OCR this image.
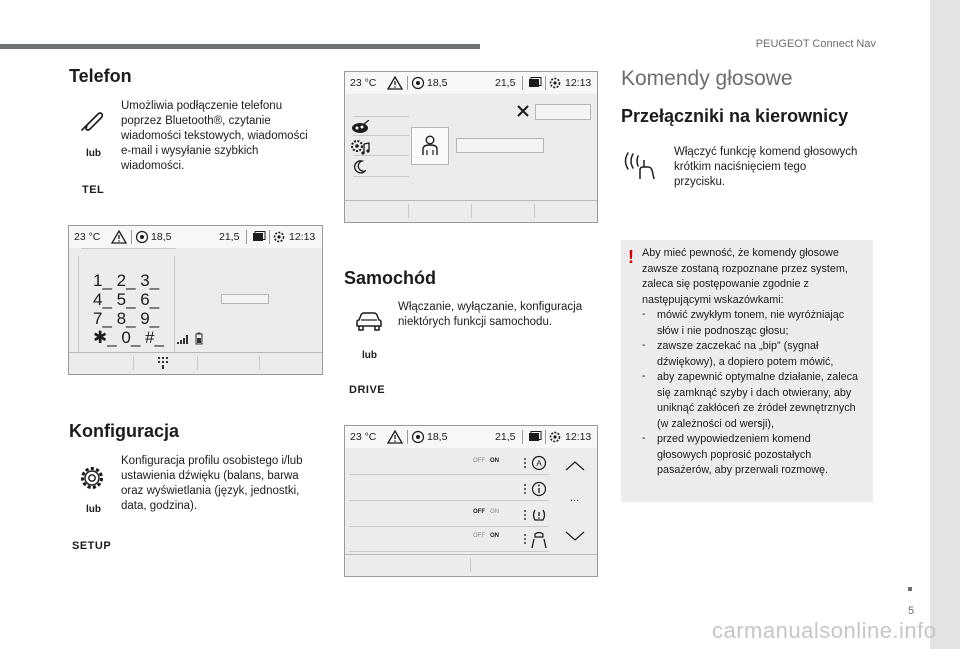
PEUGEOT Connect Nav
5
carmanualsonline.info
Telefon
lub
TEL
Umożliwia podłączenie telefonu
poprzez Bluetooth®, czytanie
wiadomości tekstowych, wiadomości
e-mail i wysyłanie szybkich
wiadomości.
23 °C	18,5	21,5	12:13
1_ 2_ 3_
4_ 5_ 6_
7_ 8_ 9_
✱_ 0_ #_
Konfiguracja
lub
SETUP
Konfiguracja profilu osobistego i/lub
ustawienia dźwięku (balans, barwa
oraz wyświetlania (język, jednostki,
data, godzina).
23 °C	18,5	21,5	12:13
Samochód
lub
DRIVE
Włączanie, wyłączanie, konfiguracja
niektórych funkcji samochodu.
23 °C	18,5	21,5	12:13
OFF ON
OFF ON
OFF ON
A
...
Komendy głosowe
Przełączniki na kierownicy
Włączyć funkcję komend głosowych
krótkim naciśnięciem tego
przycisku.
! Aby mieć pewność, że komendy głosowe
zawsze zostaną rozpoznane przez system,
zaleca się postępowanie zgodnie z
następującymi wskazówkami:

- mówić zwykłym tonem, nie wyróżniając
słów i nie podnosząc głosu;

- zawsze zaczekać na „bip” (sygnał
dźwiękowy), a dopiero potem mówić,

- aby zapewnić optymalne działanie, zaleca
się zamknąć szyby i dach otwierany, aby
uniknąć zakłóceń ze źródeł zewnętrznych
(w zależności od wersji),

- przed wypowiedzeniem komend
głosowych poprosić pozostałych
pasażerów, aby przerwali rozmowę.
